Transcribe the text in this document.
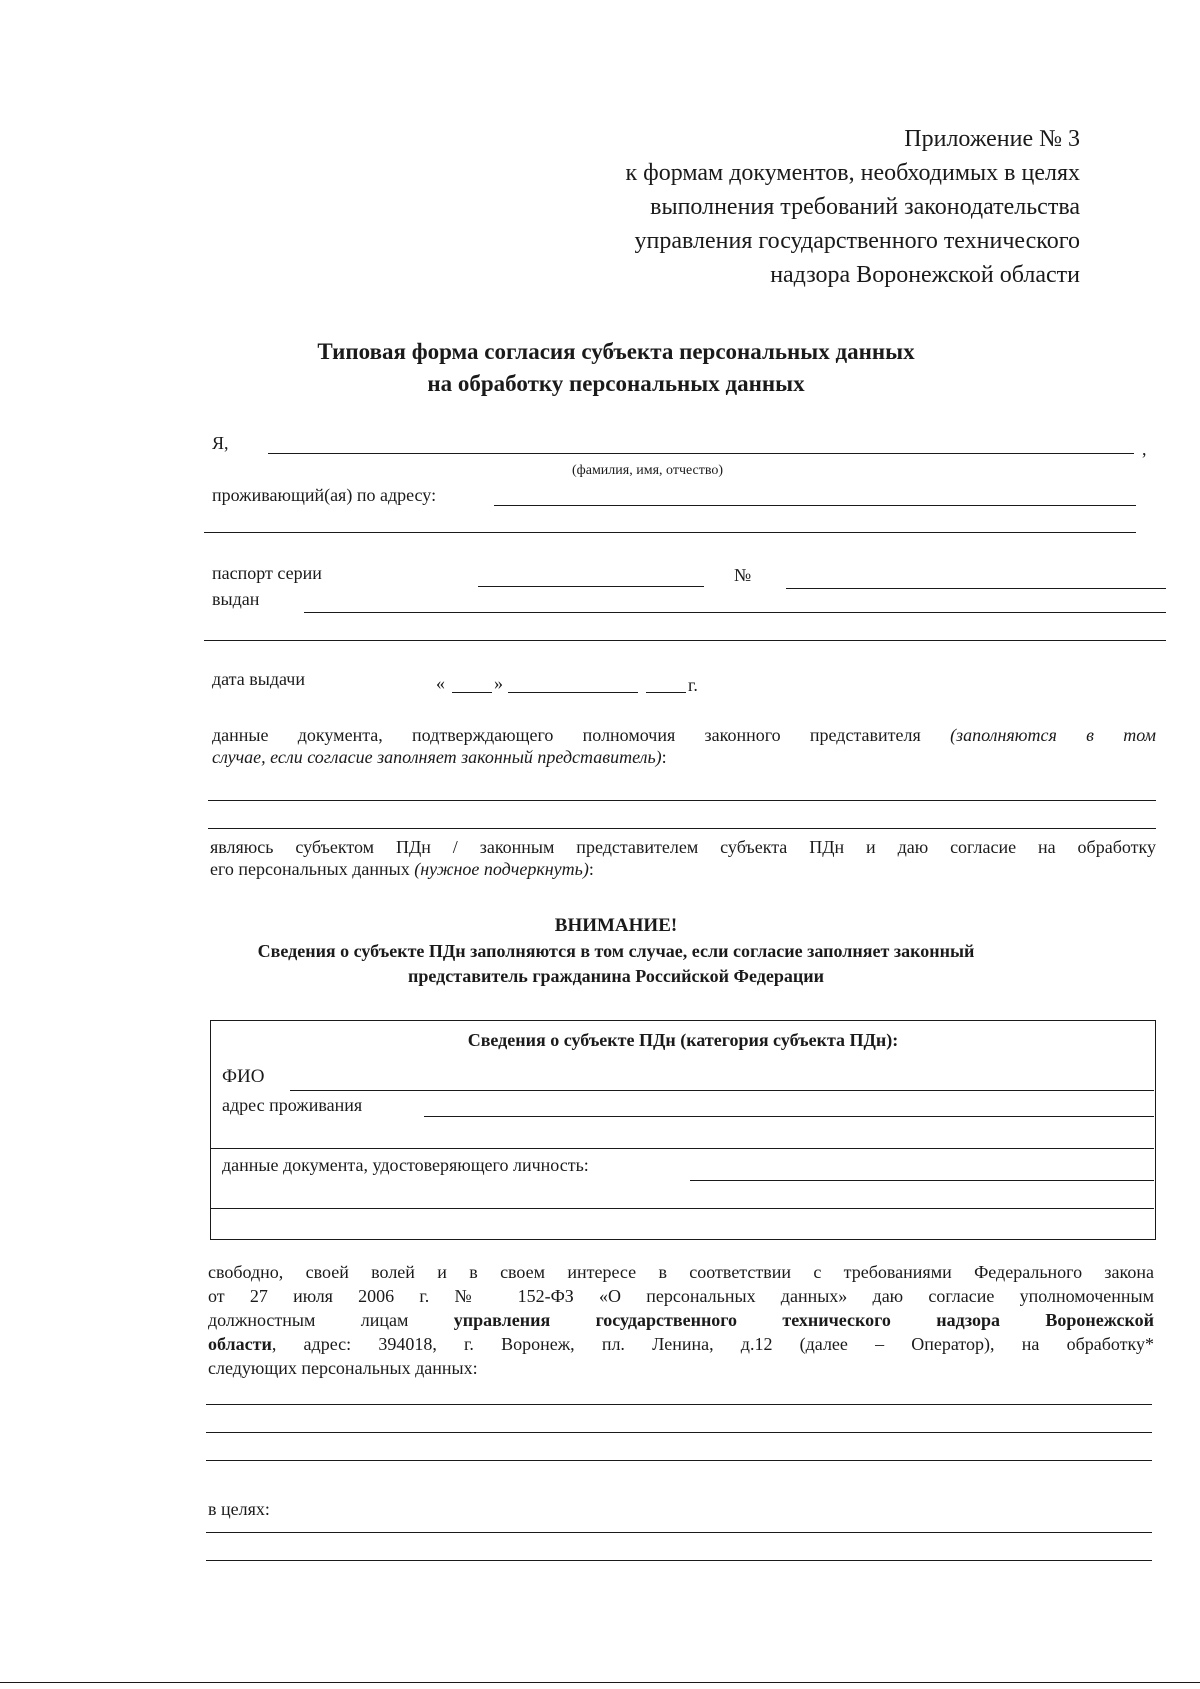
Приложение № 3
к формам документов, необходимых в целях
выполнения требований законодательства
управления государственного технического
надзора Воронежской области
Типовая форма согласия субъекта персональных данных
на обработку персональных данных
Я,	,
(фамилия, имя, отчество)
проживающий(ая) по адресу:
паспорт серии	№
выдан
дата выдачи	«	»	г.
данные документа, подтверждающего полномочия законного представителя (заполняются в том
случае, если согласие заполняет законный представитель):
являюсь субъектом ПДн / законным представителем субъекта ПДн и даю согласие на обработку
его персональных данных (нужное подчеркнуть):
ВНИМАНИЕ!
Сведения о субъекте ПДн заполняются в том случае, если согласие заполняет законный
представитель гражданина Российской Федерации
Сведения о субъекте ПДн (категория субъекта ПДн):
ФИО
адрес проживания
данные документа, удостоверяющего личность:
свободно, своей волей и в своем интересе в соответствии с требованиями Федерального закона
от 27 июля 2006 г. № 152-ФЗ «О персональных данных» даю согласие уполномоченным
должностным лицам управления государственного технического надзора Воронежской
области, адрес: 394018, г. Воронеж, пл. Ленина, д.12 (далее – Оператор), на обработку*
следующих персональных данных:
в целях:
